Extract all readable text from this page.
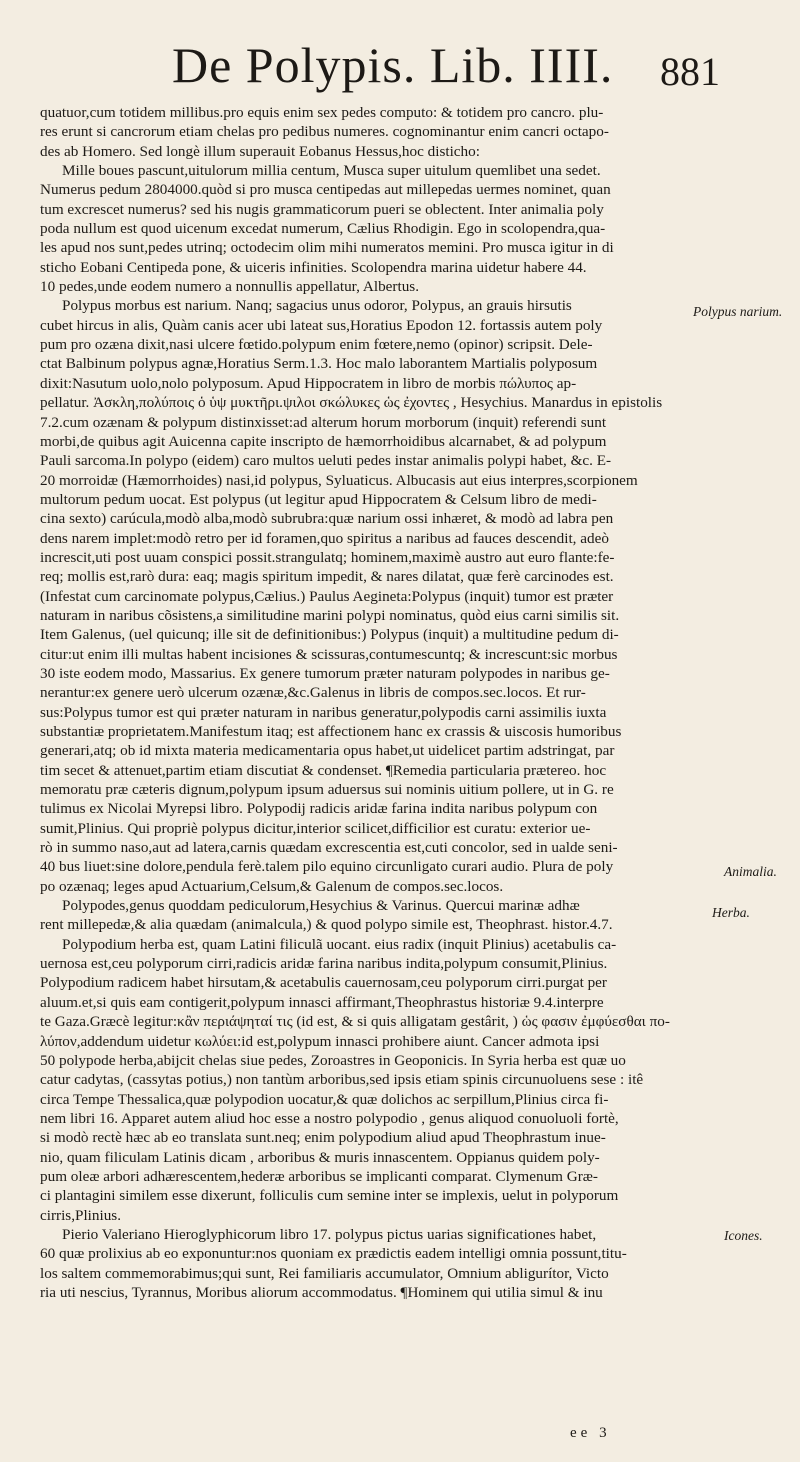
De Polypis. Lib. IIII. 881
quatuor,cum totidem millibus.pro equis enim sex pedes computo: & totidem pro cancro. plu-
res erunt si cancrorum etiam chelas pro pedibus numeres. cognominantur enim cancri octapo-
des ab Homero. Sed longè illum superauit Eobanus Hessus,hoc disticho:
Mille boues pascunt,uitulorum millia centum, Musca super uitulum quemlibet una sedet.
Numerus pedum 2804000.quòd si pro musca centipedas aut millepedas uermes nominet, quan
tum excrescet numerus? sed his nugis grammaticorum pueri se oblectent. Inter animalia poly
poda nullum est quod uicenum excedat numerum, Cælius Rhodigin. Ego in scolopendra,qua-
les apud nos sunt,pedes utrinq; octodecim olim mihi numeratos memini. Pro musca igitur in di
sticho Eobani Centipeda pone, & uiceris infinities. Scolopendra marina uidetur habere 44.
10 pedes,unde eodem numero a nonnullis appellatur, Albertus.
Polypus morbus est narium. Nanq; sagacius unus odoror, Polypus, an grauis hirsutis
cubet hircus in alis, Quàm canis acer ubi lateat sus,Horatius Epodon 12. fortassis autem poly
pum pro ozæna dixit,nasi ulcere fœtido.polypum enim fœtere,nemo (opinor) scripsit. Dele-
ctat Balbinum polypus agnæ,Horatius Serm.1.3. Hoc malo laborantem Martialis polyposum
dixit:Nasutum uolo,nolo polyposum. Apud Hippocratem in libro de morbis πώλυπος ap-
pellatur. Ἀσκλη,πολύποις ὁ ὑψ μυκτῆρι.ψιλοι σκώλυκες ὡς ἐχοντες , Hesychius. Manardus in epistolis
7.2.cum ozænam & polypum distinxisset:ad alterum horum morborum (inquit) referendi sunt
morbi,de quibus agit Auicenna capite inscripto de hæmorrhoidibus alcarnabet, & ad polypum
Pauli sarcoma.In polypo (eidem) caro multos ueluti pedes instar animalis polypi habet, &c. E-
20 morroidæ (Hæmorrhoides) nasi,id polypus, Syluaticus. Albucasis aut eius interpres,scorpionem
multorum pedum uocat. Est polypus (ut legitur apud Hippocratem & Celsum libro de medi-
cina sexto) carúcula,modò alba,modò subrubra:quæ narium ossi inhæret, & modò ad labra pen
dens narem implet:modò retro per id foramen,quo spiritus a naribus ad fauces descendit, adeò
increscit,uti post uuam conspici possit.strangulatq; hominem,maximè austro aut euro flante:fe-
req; mollis est,rarò dura: eaq; magis spiritum impedit, & nares dilatat, quæ ferè carcinodes est.
(Infestat cum carcinomate polypus,Cælius.) Paulus Aegineta:Polypus (inquit) tumor est præter
naturam in naribus cõsistens,a similitudine marini polypi nominatus, quòd eius carni similis sit.
Item Galenus, (uel quicunq; ille sit de definitionibus:) Polypus (inquit) a multitudine pedum di-
citur:ut enim illi multas habent incisiones & scissuras,contumescuntq; & increscunt:sic morbus
30 iste eodem modo, Massarius. Ex genere tumorum præter naturam polypodes in naribus ge-
nerantur:ex genere uerò ulcerum ozænæ,&c.Galenus in libris de compos.sec.locos. Et rur-
sus:Polypus tumor est qui præter naturam in naribus generatur,polypodis carni assimilis iuxta
substantiæ proprietatem.Manifestum itaq; est affectionem hanc ex crassis & uiscosis humoribus
generari,atq; ob id mixta materia medicamentaria opus habet,ut uidelicet partim adstringat, par
tim secet & attenuet,partim etiam discutiat & condenset. ¶Remedia particularia prætereo. hoc
memoratu præ cæteris dignum,polypum ipsum aduersus sui nominis uitium pollere, ut in G. re
tulimus ex Nicolai Myrepsi libro. Polypodij radicis aridæ farina indita naribus polypum con
sumit,Plinius. Qui propriè polypus dicitur,interior scilicet,difficilior est curatu: exterior ue-
rò in summo naso,aut ad latera,carnis quædam excrescentia est,cuti concolor, sed in ualde seni-
40 bus liuet:sine dolore,pendula ferè.talem pilo equino circunligato curari audio. Plura de poly
po ozænaq; leges apud Actuarium,Celsum,& Galenum de compos.sec.locos.
Polypodes,genus quoddam pediculorum,Hesychius & Varinus. Quercui marinæ adhæ
rent millepedæ,& alia quædam (animalcula,) & quod polypo simile est, Theophrast. histor.4.7.
Polypodium herba est, quam Latini filiculã uocant. eius radix (inquit Plinius) acetabulis ca-
uernosa est,ceu polyporum cirri,radicis aridæ farina naribus indita,polypum consumit,Plinius.
Polypodium radicem habet hirsutam,& acetabulis cauernosam,ceu polyporum cirri.purgat per
aluum.et,si quis eam contigerit,polypum innasci affirmant,Theophrastus historiæ 9.4.interpre
te Gaza.Græcè legitur:κἂν περιάψηταί τις (id est, & si quis alligatam gestârit, ) ὡς φασιν ἐμφύεσθαι πο-
λύπον,addendum uidetur κωλύει:id est,polypum innasci prohibere aiunt. Cancer admota ipsi
50 polypode herba,abijcit chelas siue pedes, Zoroastres in Geoponicis. In Syria herba est quæ uo
catur cadytas, (cassytas potius,) non tantùm arboribus,sed ipsis etiam spinis circunuoluens sese : itê
circa Tempe Thessalica,quæ polypodion uocatur,& quæ dolichos ac serpillum,Plinius circa fi-
nem libri 16. Apparet autem aliud hoc esse a nostro polypodio , genus aliquod conuoluoli fortè,
si modò rectè hæc ab eo translata sunt.neq; enim polypodium aliud apud Theophrastum inue-
nio, quam filiculam Latinis dicam , arboribus & muris innascentem. Oppianus quidem poly-
pum oleæ arbori adhærescentem,hederæ arboribus se implicanti comparat. Clymenum Græ-
ci plantagini similem esse dixerunt, folliculis cum semine inter se implexis, uelut in polyporum
cirris,Plinius.
Pierio Valeriano Hieroglyphicorum libro 17. polypus pictus uarias significationes habet,
60 quæ prolixius ab eo exponuntur:nos quoniam ex prædictis eadem intelligi omnia possunt,titu-
los saltem commemorabimus;qui sunt, Rei familiaris accumulator, Omnium abligurítor, Victo
ria uti nescius, Tyrannus, Moribus aliorum accommodatus. ¶Hominem qui utilia simul & inu
Polypus narium.
Animalia.
Herba.
Icones.
ee 3
